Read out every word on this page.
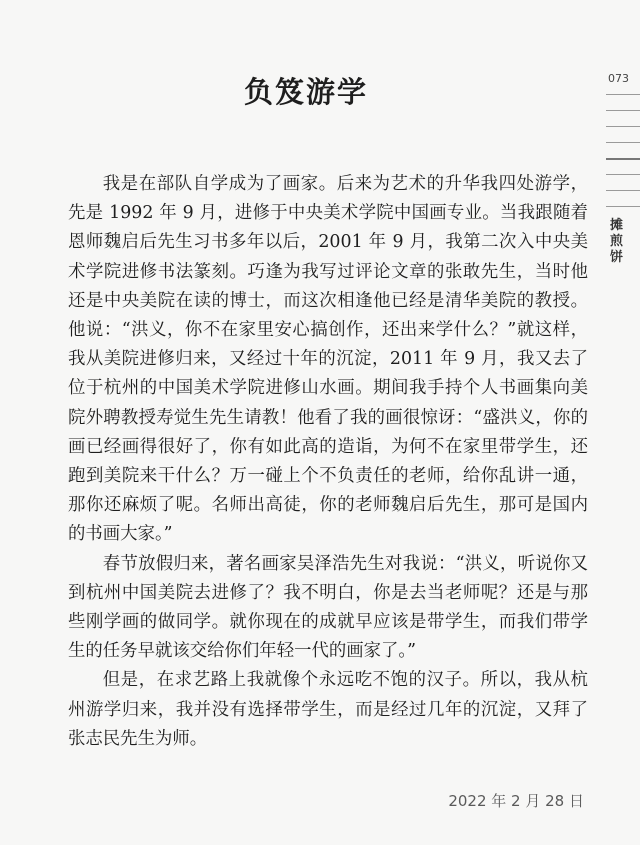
负笈游学

我是在部队自学成为了画家。后来为艺术的升华我四处游学，先是 1992 年 9 月，进修于中央美术学院中国画专业。当我跟随着恩师魏启后先生习书多年以后，2001 年 9 月，我第二次入中央美术学院进修书法篆刻。巧逢为我写过评论文章的张敢先生，当时他还是中央美院在读的博士，而这次相逢他已经是清华美院的教授。他说：“洪义，你不在家里安心搞创作，还出来学什么？”就这样，我从美院进修归来，又经过十年的沉淀，2011 年 9 月，我又去了位于杭州的中国美术学院进修山水画。期间我手持个人书画集向美院外聘教授寿觉生先生请教！他看了我的画很惊讶：“盛洪义，你的画已经画得很好了，你有如此高的造诣，为何不在家里带学生，还跑到美院来干什么？万一碰上个不负责任的老师，给你乱讲一通，那你还麻烦了呢。名师出高徒，你的老师魏启后先生，那可是国内的书画大家。”

春节放假归来，著名画家吴泽浩先生对我说：“洪义，听说你又到杭州中国美院去进修了？我不明白，你是去当老师呢？还是与那些刚学画的做同学。就你现在的成就早应该是带学生，而我们带学生的任务早就该交给你们年轻一代的画家了。”

但是，在求艺路上我就像个永远吃不饱的汉子。所以，我从杭州游学归来，我并没有选择带学生，而是经过几年的沉淀，又拜了张志民先生为师。

2022 年 2 月 28 日
073
摊煎饼
